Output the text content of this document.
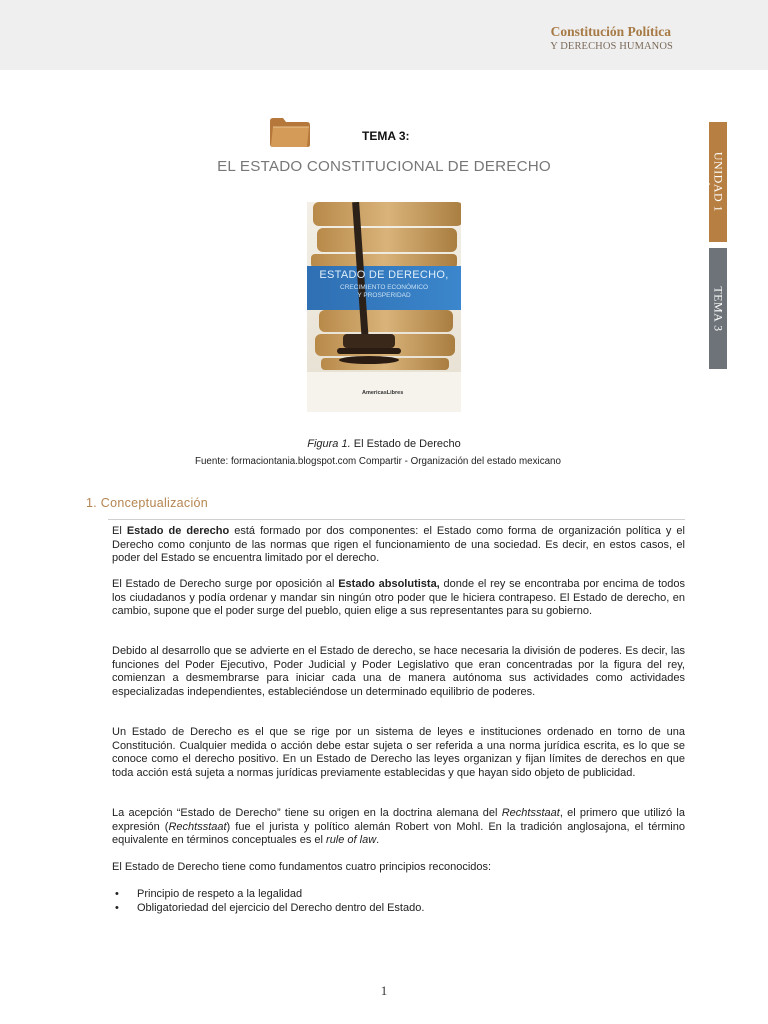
Constitución Política
Y DERECHOS HUMANOS
TEMA 3:
EL ESTADO CONSTITUCIONAL DE DERECHO	UNIDAD 1
TEMA 3
ESTADO DE DERECHO,
CRECIMIENTO ECONÓMICO
Y PROSPERIDAD
AmericasLibres
Figura 1. El Estado de Derecho
Fuente: formaciontania.blogspot.com Compartir - Organización del estado mexicano
1. Conceptualización

El Estado de derecho está formado por dos componentes: el Estado como forma de organización política y el Derecho como conjunto de las normas que rigen el funcionamiento de una sociedad. Es decir, en estos casos, el poder del Estado se encuentra limitado por el derecho.

El Estado de Derecho surge por oposición al Estado absolutista, donde el rey se encontraba por encima de todos los ciudadanos y podía ordenar y mandar sin ningún otro poder que le hiciera contrapeso. El Estado de derecho, en cambio, supone que el poder surge del pueblo, quien elige a sus representantes para su gobierno.

Debido al desarrollo que se advierte en el Estado de derecho, se hace necesaria la división de poderes. Es decir, las funciones del Poder Ejecutivo, Poder Judicial y Poder Legislativo que eran concentradas por la figura del rey, comienzan a desmembrarse para iniciar cada una de manera autónoma sus actividades como actividades especializadas independientes, estableciéndose un determinado equilibrio de poderes.

Un Estado de Derecho es el que se rige por un sistema de leyes e instituciones ordenado en torno de una Constitución. Cualquier medida o acción debe estar sujeta o ser referida a una norma jurídica escrita, es lo que se conoce como el derecho positivo. En un Estado de Derecho las leyes organizan y fijan límites de derechos en que toda acción está sujeta a normas jurídicas previamente establecidas y que hayan sido objeto de publicidad.

La acepción “Estado de Derecho” tiene su origen en la doctrina alemana del Rechtsstaat, el primero que utilizó la expresión (Rechtsstaat) fue el jurista y político alemán Robert von Mohl. En la tradición anglosajona, el término equivalente en términos conceptuales es el rule of law.

El Estado de Derecho tiene como fundamentos cuatro principios reconocidos:

• Principio de respeto a la legalidad
• Obligatoriedad del ejercicio del Derecho dentro del Estado.
1
